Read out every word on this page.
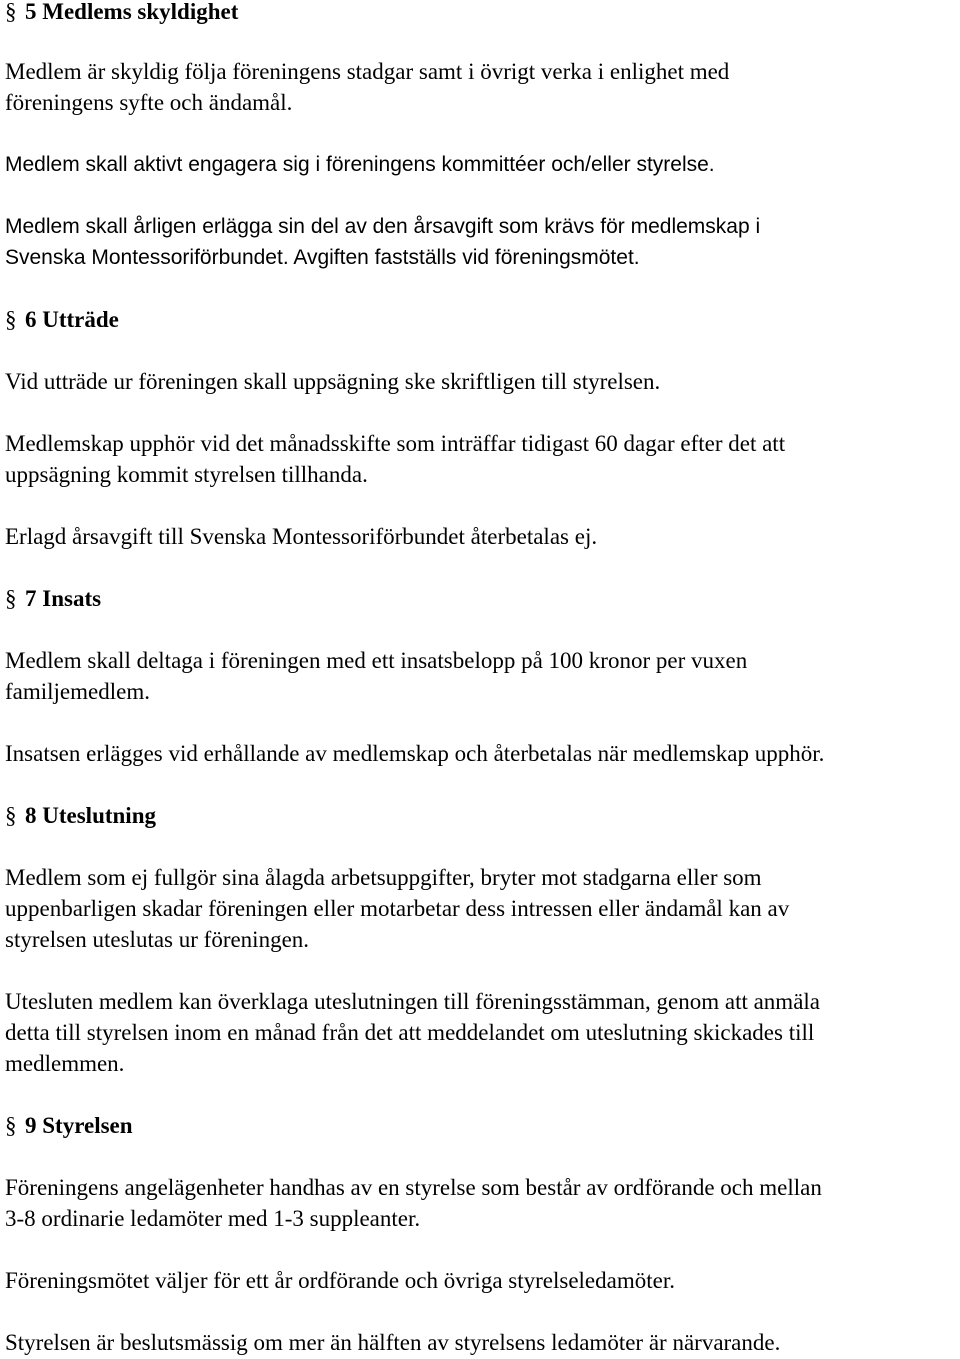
§ 5 Medlems skyldighet
Medlem är skyldig följa föreningens stadgar samt i övrigt verka i enlighet med
föreningens syfte och ändamål.
Medlem skall aktivt engagera sig i föreningens kommittéer och/eller styrelse.
Medlem skall årligen erlägga sin del av den årsavgift som krävs för medlemskap i
Svenska Montessoriförbundet. Avgiften fastställs vid föreningsmötet.
§ 6 Utträde
Vid utträde ur föreningen skall uppsägning ske skriftligen till styrelsen.
Medlemskap upphör vid det månadsskifte som inträffar tidigast 60 dagar efter det att
uppsägning kommit styrelsen tillhanda.
Erlagd årsavgift till Svenska Montessoriförbundet återbetalas ej.
§ 7 Insats
Medlem skall deltaga i föreningen med ett insatsbelopp på 100 kronor per vuxen
familjemedlem.
Insatsen erlägges vid erhållande av medlemskap och återbetalas när medlemskap upphör.
§ 8 Uteslutning
Medlem som ej fullgör sina ålagda arbetsuppgifter, bryter mot stadgarna eller som
uppenbarligen skadar föreningen eller motarbetar dess intressen eller ändamål kan av
styrelsen uteslutas ur föreningen.
Utesluten medlem kan överklaga uteslutningen till föreningsstämman, genom att anmäla
detta till styrelsen inom en månad från det att meddelandet om uteslutning skickades till
medlemmen.
§ 9 Styrelsen
Föreningens angelägenheter handhas av en styrelse som består av ordförande och mellan
3-8 ordinarie ledamöter med 1-3 suppleanter.
Föreningsmötet väljer för ett år ordförande och övriga styrelseledamöter.
Styrelsen är beslutsmässig om mer än hälften av styrelsens ledamöter är närvarande.
